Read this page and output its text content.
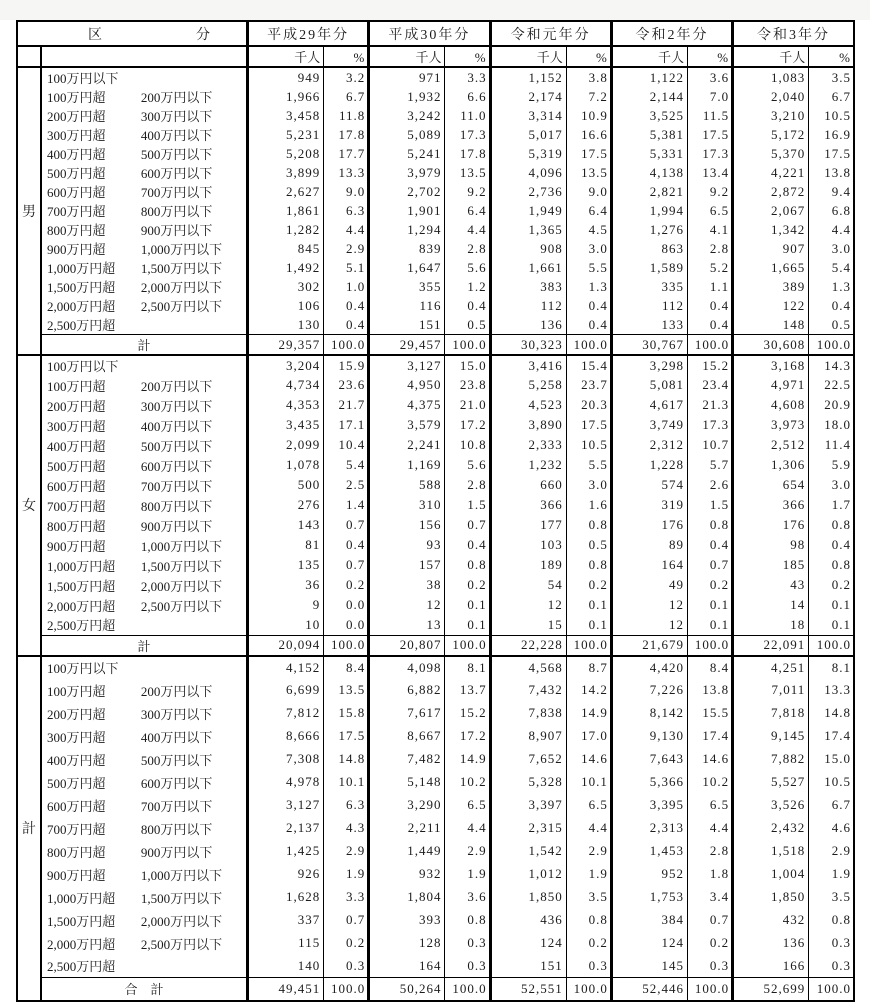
区 分		平成29年分		平成30年分		令和元年分		令和2年分		令和3年分	
		千人	%	千人	%	千人	%	千人	%	千人	%
男	100万円以下	949	3.2	971	3.3	1,152	3.8	1,122	3.6	1,083	3.5

	100万円超 200万円以下	1,966	6.7	1,932	6.6	2,174	7.2	2,144	7.0	2,040	6.7

	200万円超 300万円以下	3,458	11.8	3,242	11.0	3,314	10.9	3,525	11.5	3,210	10.5

	300万円超 400万円以下	5,231	17.8	5,089	17.3	5,017	16.6	5,381	17.5	5,172	16.9

	400万円超 500万円以下	5,208	17.7	5,241	17.8	5,319	17.5	5,331	17.3	5,370	17.5

	500万円超 600万円以下	3,899	13.3	3,979	13.5	4,096	13.5	4,138	13.4	4,221	13.8

	600万円超 700万円以下	2,627	9.0	2,702	9.2	2,736	9.0	2,821	9.2	2,872	9.4

	700万円超 800万円以下	1,861	6.3	1,901	6.4	1,949	6.4	1,994	6.5	2,067	6.8

	800万円超 900万円以下	1,282	4.4	1,294	4.4	1,365	4.5	1,276	4.1	1,342	4.4

	900万円超 1,000万円以下	845	2.9	839	2.8	908	3.0	863	2.8	907	3.0

	1,000万円超 1,500万円以下	1,492	5.1	1,647	5.6	1,661	5.5	1,589	5.2	1,665	5.4

	1,500万円超 2,000万円以下	302	1.0	355	1.2	383	1.3	335	1.1	389	1.3

	2,000万円超 2,500万円以下	106	0.4	116	0.4	112	0.4	112	0.4	122	0.4

	2,500万円超	130	0.4	151	0.5	136	0.4	133	0.4	148	0.5
	計	29,357	100.0	29,457	100.0	30,323	100.0	30,767	100.0	30,608	100.0
女	100万円以下	3,204	15.9	3,127	15.0	3,416	15.4	3,298	15.2	3,168	14.3

	100万円超 200万円以下	4,734	23.6	4,950	23.8	5,258	23.7	5,081	23.4	4,971	22.5

	200万円超 300万円以下	4,353	21.7	4,375	21.0	4,523	20.3	4,617	21.3	4,608	20.9

	300万円超 400万円以下	3,435	17.1	3,579	17.2	3,890	17.5	3,749	17.3	3,973	18.0

	400万円超 500万円以下	2,099	10.4	2,241	10.8	2,333	10.5	2,312	10.7	2,512	11.4

	500万円超 600万円以下	1,078	5.4	1,169	5.6	1,232	5.5	1,228	5.7	1,306	5.9

	600万円超 700万円以下	500	2.5	588	2.8	660	3.0	574	2.6	654	3.0

	700万円超 800万円以下	276	1.4	310	1.5	366	1.6	319	1.5	366	1.7

	800万円超 900万円以下	143	0.7	156	0.7	177	0.8	176	0.8	176	0.8

	900万円超 1,000万円以下	81	0.4	93	0.4	103	0.5	89	0.4	98	0.4

	1,000万円超 1,500万円以下	135	0.7	157	0.8	189	0.8	164	0.7	185	0.8

	1,500万円超 2,000万円以下	36	0.2	38	0.2	54	0.2	49	0.2	43	0.2

	2,000万円超 2,500万円以下	9	0.0	12	0.1	12	0.1	12	0.1	14	0.1

	2,500万円超	10	0.0	13	0.1	15	0.1	12	0.1	18	0.1
	計	20,094	100.0	20,807	100.0	22,228	100.0	21,679	100.0	22,091	100.0
計	100万円以下	4,152	8.4	4,098	8.1	4,568	8.7	4,420	8.4	4,251	8.1

	100万円超 200万円以下	6,699	13.5	6,882	13.7	7,432	14.2	7,226	13.8	7,011	13.3

	200万円超 300万円以下	7,812	15.8	7,617	15.2	7,838	14.9	8,142	15.5	7,818	14.8

	300万円超 400万円以下	8,666	17.5	8,667	17.2	8,907	17.0	9,130	17.4	9,145	17.4

	400万円超 500万円以下	7,308	14.8	7,482	14.9	7,652	14.6	7,643	14.6	7,882	15.0

	500万円超 600万円以下	4,978	10.1	5,148	10.2	5,328	10.1	5,366	10.2	5,527	10.5

	600万円超 700万円以下	3,127	6.3	3,290	6.5	3,397	6.5	3,395	6.5	3,526	6.7

	700万円超 800万円以下	2,137	4.3	2,211	4.4	2,315	4.4	2,313	4.4	2,432	4.6

	800万円超 900万円以下	1,425	2.9	1,449	2.9	1,542	2.9	1,453	2.8	1,518	2.9

	900万円超 1,000万円以下	926	1.9	932	1.9	1,012	1.9	952	1.8	1,004	1.9

	1,000万円超 1,500万円以下	1,628	3.3	1,804	3.6	1,850	3.5	1,753	3.4	1,850	3.5

	1,500万円超 2,000万円以下	337	0.7	393	0.8	436	0.8	384	0.7	432	0.8

	2,000万円超 2,500万円以下	115	0.2	128	0.3	124	0.2	124	0.2	136	0.3

	2,500万円超	140	0.3	164	0.3	151	0.3	145	0.3	166	0.3
	合　計	49,451	100.0	50,264	100.0	52,551	100.0	52,446	100.0	52,699	100.0
